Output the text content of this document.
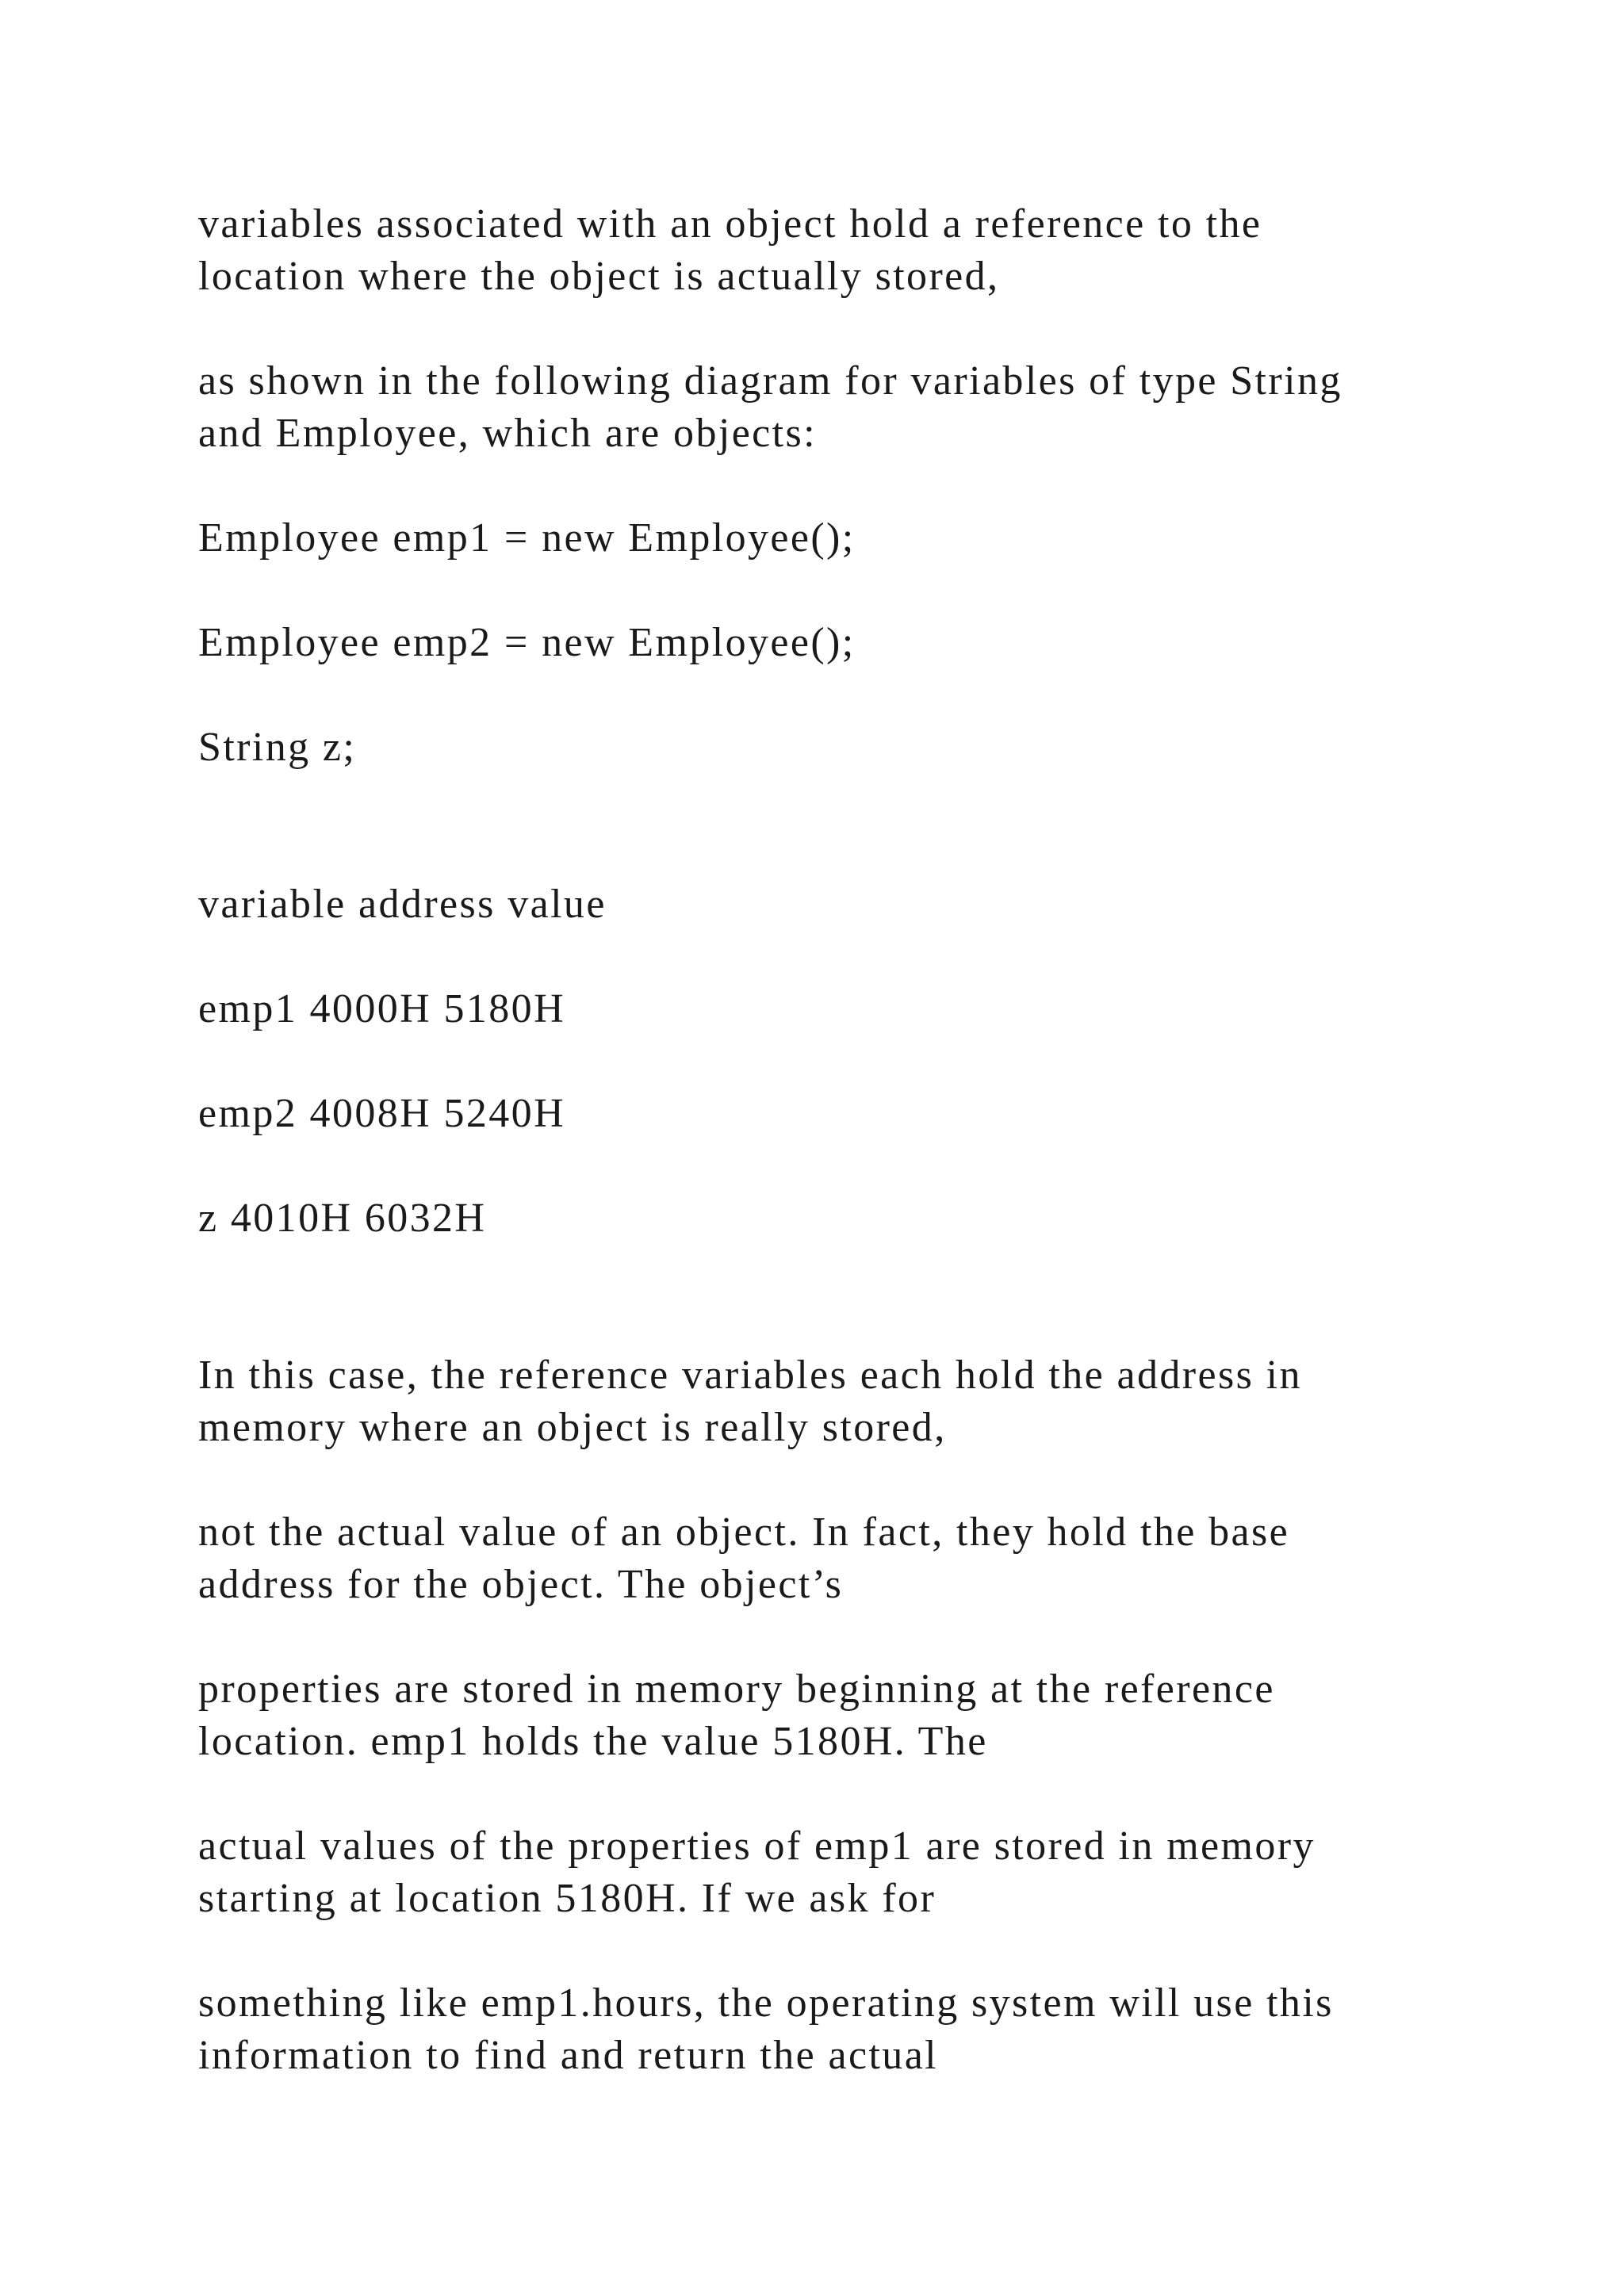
variables associated with an object hold a reference to the
location where the object is actually stored,

as shown in the following diagram for variables of type String
and Employee, which are objects:

Employee emp1 = new Employee();

Employee emp2 = new Employee();

String z;

variable address value

emp1 4000H 5180H

emp2 4008H 5240H

z 4010H 6032H

In this case, the reference variables each hold the address in
memory where an object is really stored,

not the actual value of an object. In fact, they hold the base
address for the object. The object’s

properties are stored in memory beginning at the reference
location. emp1 holds the value 5180H. The

actual values of the properties of emp1 are stored in memory
starting at location 5180H. If we ask for

something like emp1.hours, the operating system will use this
information to find and return the actual
